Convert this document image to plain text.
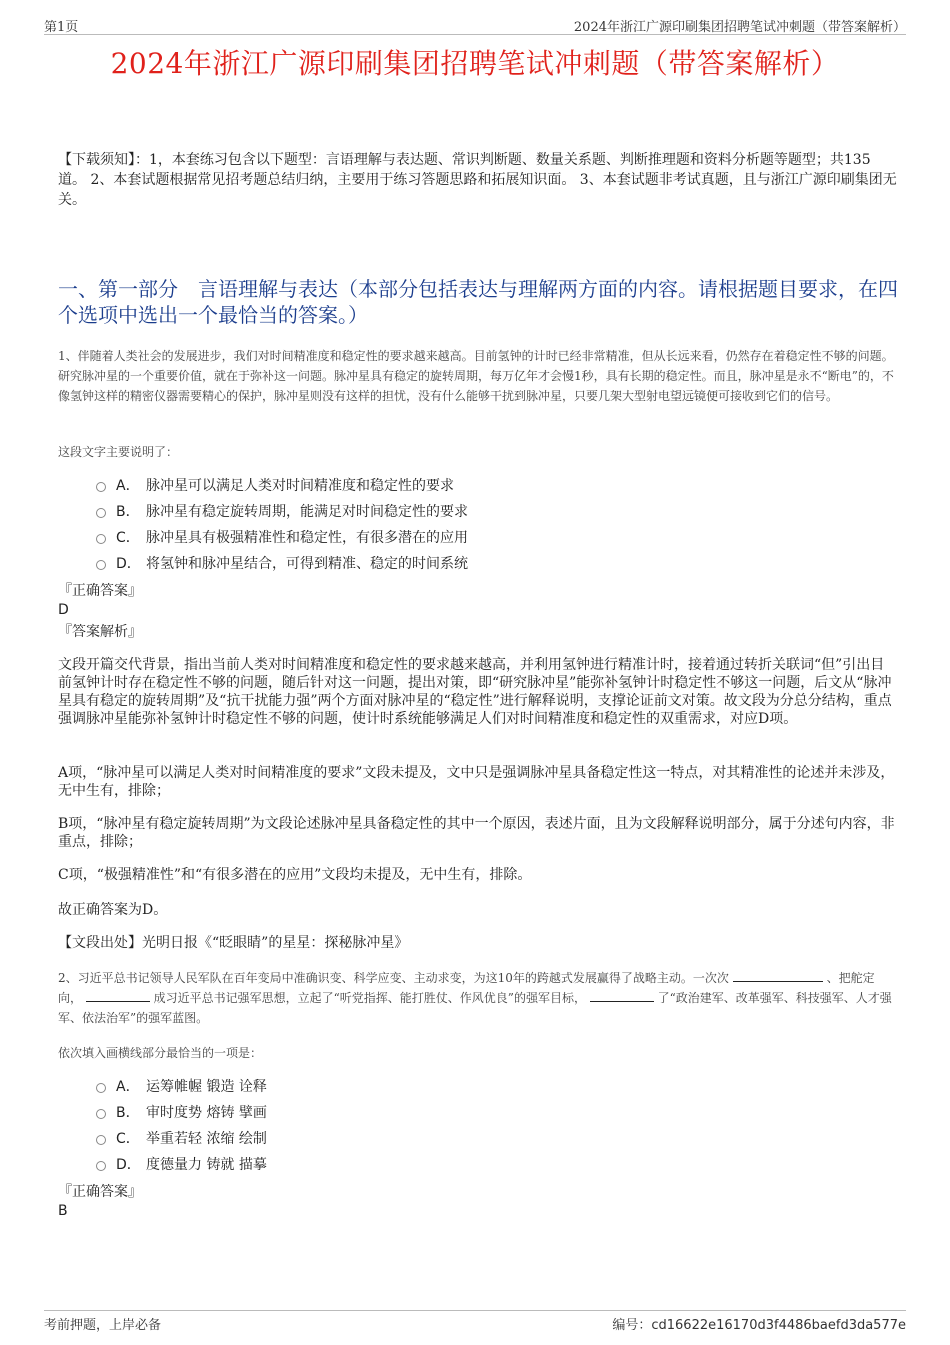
第1页	2024年浙江广源印刷集团招聘笔试冲刺题（带答案解析）
2024年浙江广源印刷集团招聘笔试冲刺题（带答案解析）
【下载须知】：1，本套练习包含以下题型：言语理解与表达题、常识判断题、数量关系题、判断推理题和资料分析题等题型；共135道。 2、本套试题根据常见招考题总结归纳，主要用于练习答题思路和拓展知识面。 3、本套试题非考试真题，且与浙江广源印刷集团无关。
一、第一部分　言语理解与表达（本部分包括表达与理解两方面的内容。请根据题目要求，在四个选项中选出一个最恰当的答案。）
1、伴随着人类社会的发展进步，我们对时间精准度和稳定性的要求越来越高。目前氢钟的计时已经非常精准，但从长远来看，仍然存在着稳定性不够的问题。研究脉冲星的一个重要价值，就在于弥补这一问题。脉冲星具有稳定的旋转周期，每万亿年才会慢1秒，具有长期的稳定性。而且，脉冲星是永不“断电”的，不像氢钟这样的精密仪器需要精心的保护，脉冲星则没有这样的担忧，没有什么能够干扰到脉冲星，只要几架大型射电望远镜便可接收到它们的信号。
这段文字主要说明了：
A． 脉冲星可以满足人类对时间精准度和稳定性的要求
B． 脉冲星有稳定旋转周期，能满足对时间稳定性的要求
C． 脉冲星具有极强精准性和稳定性，有很多潜在的应用
D． 将氢钟和脉冲星结合，可得到精准、稳定的时间系统
『正确答案』
D
『答案解析』
文段开篇交代背景，指出当前人类对时间精准度和稳定性的要求越来越高，并利用氢钟进行精准计时，接着通过转折关联词“但”引出目前氢钟计时存在稳定性不够的问题，随后针对这一问题，提出对策，即“研究脉冲星”能弥补氢钟计时稳定性不够这一问题，后文从“脉冲星具有稳定的旋转周期”及“抗干扰能力强”两个方面对脉冲星的“稳定性”进行解释说明，支撑论证前文对策。故文段为分总分结构，重点强调脉冲星能弥补氢钟计时稳定性不够的问题，使计时系统能够满足人们对时间精准度和稳定性的双重需求，对应D项。
A项，“脉冲星可以满足人类对时间精准度的要求”文段未提及，文中只是强调脉冲星具备稳定性这一特点，对其精准性的论述并未涉及，无中生有，排除；
B项，“脉冲星有稳定旋转周期”为文段论述脉冲星具备稳定性的其中一个原因，表述片面，且为文段解释说明部分，属于分述句内容，非重点，排除；
C项，“极强精准性”和“有很多潜在的应用”文段均未提及，无中生有，排除。
故正确答案为D。
【文段出处】光明日报《“眨眼睛”的星星：探秘脉冲星》
2、习近平总书记领导人民军队在百年变局中准确识变、科学应变、主动求变，为这10年的跨越式发展赢得了战略主动。一次次	、把舵定向，	成习近平总书记强军思想，立起了“听党指挥、能打胜仗、作风优良”的强军目标，	了“政治建军、改革强军、科技强军、人才强军、依法治军”的强军蓝图。
依次填入画横线部分最恰当的一项是：
A． 运筹帷幄 锻造 诠释
B． 审时度势 熔铸 擘画
C． 举重若轻 浓缩 绘制
D． 度德量力 铸就 描摹
『正确答案』
B
考前押题，上岸必备	编号：cd16622e16170d3f4486baefd3da577e
